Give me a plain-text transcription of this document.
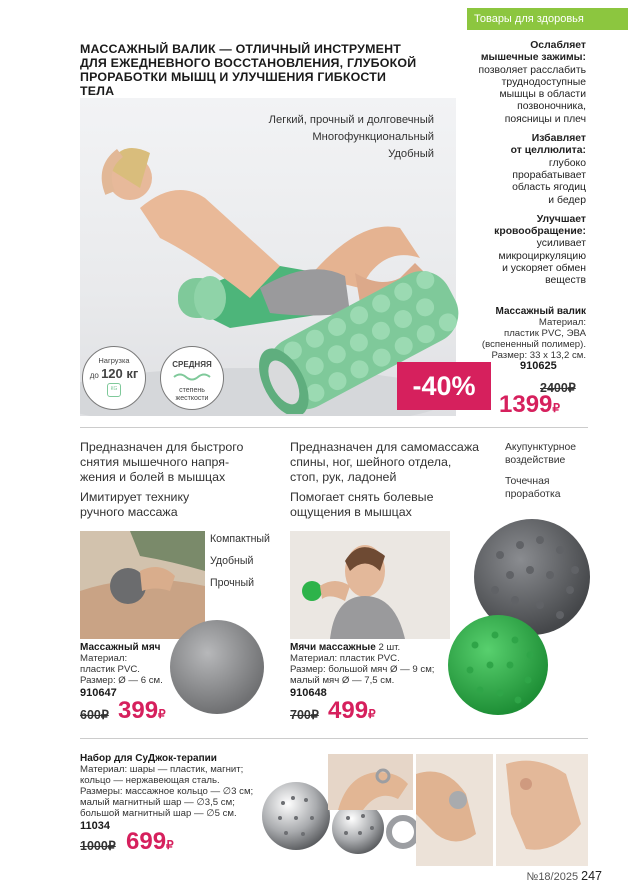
Товары для здоровья
МАССАЖНЫЙ ВАЛИК — ОТЛИЧНЫЙ ИНСТРУМЕНТ
ДЛЯ ЕЖЕДНЕВНОГО ВОССТАНОВЛЕНИЯ, ГЛУБОКОЙ
ПРОРАБОТКИ МЫШЦ И УЛУЧШЕНИЯ ГИБКОСТИ ТЕЛА
Легкий, прочный и долговечный
Многофункциональный
Удобный
-40%
Нагрузка
до 120 кг
КG
СРЕДНЯЯ
степень
жесткости
Ослабляет
мышечные зажимы:
позволяет расслабить
труднодоступные
мышцы в области
позвоночника,
поясницы и плеч
Избавляет
от целлюлита:
глубоко
прорабатывает
область ягодиц
и бедер
Улучшает
кровообращение:
усиливает
микроциркуляцию
и ускоряет обмен
веществ
Массажный валик
Материал:
пластик PVC, ЭВА
(вспененный полимер).
Размер: 33 x 13,2 см.
910625
2400₽
1399₽
Предназначен для быстрого
снятия мышечного напря-
жения и болей в мышцах
Имитирует технику
ручного массажа
Предназначен для самомассажа
спины, ног, шейного отдела,
стоп, рук, ладоней
Помогает снять болевые
ощущения в мышцах
Акупунктурное
воздействие
Точечная
проработка
Компактный
Удобный
Прочный
Массажный мяч
Материал:
пластик PVC.
Размер: Ø — 6 см.
910647
600₽ 399₽
Мячи массажные 2 шт.
Материал: пластик PVC.
Размер: большой мяч Ø — 9 см;
малый мяч Ø — 7,5 см.
910648
700₽ 499₽
Набор для СуДжок-терапии
Материал: шары — пластик, магнит;
кольцо — нержавеющая сталь.
Размеры: массажное кольцо — ∅3 см;
малый магнитный шар — ∅3,5 см;
большой магнитный шар — ∅5 см.
11034
1000₽ 699₽
№18/2025 247
